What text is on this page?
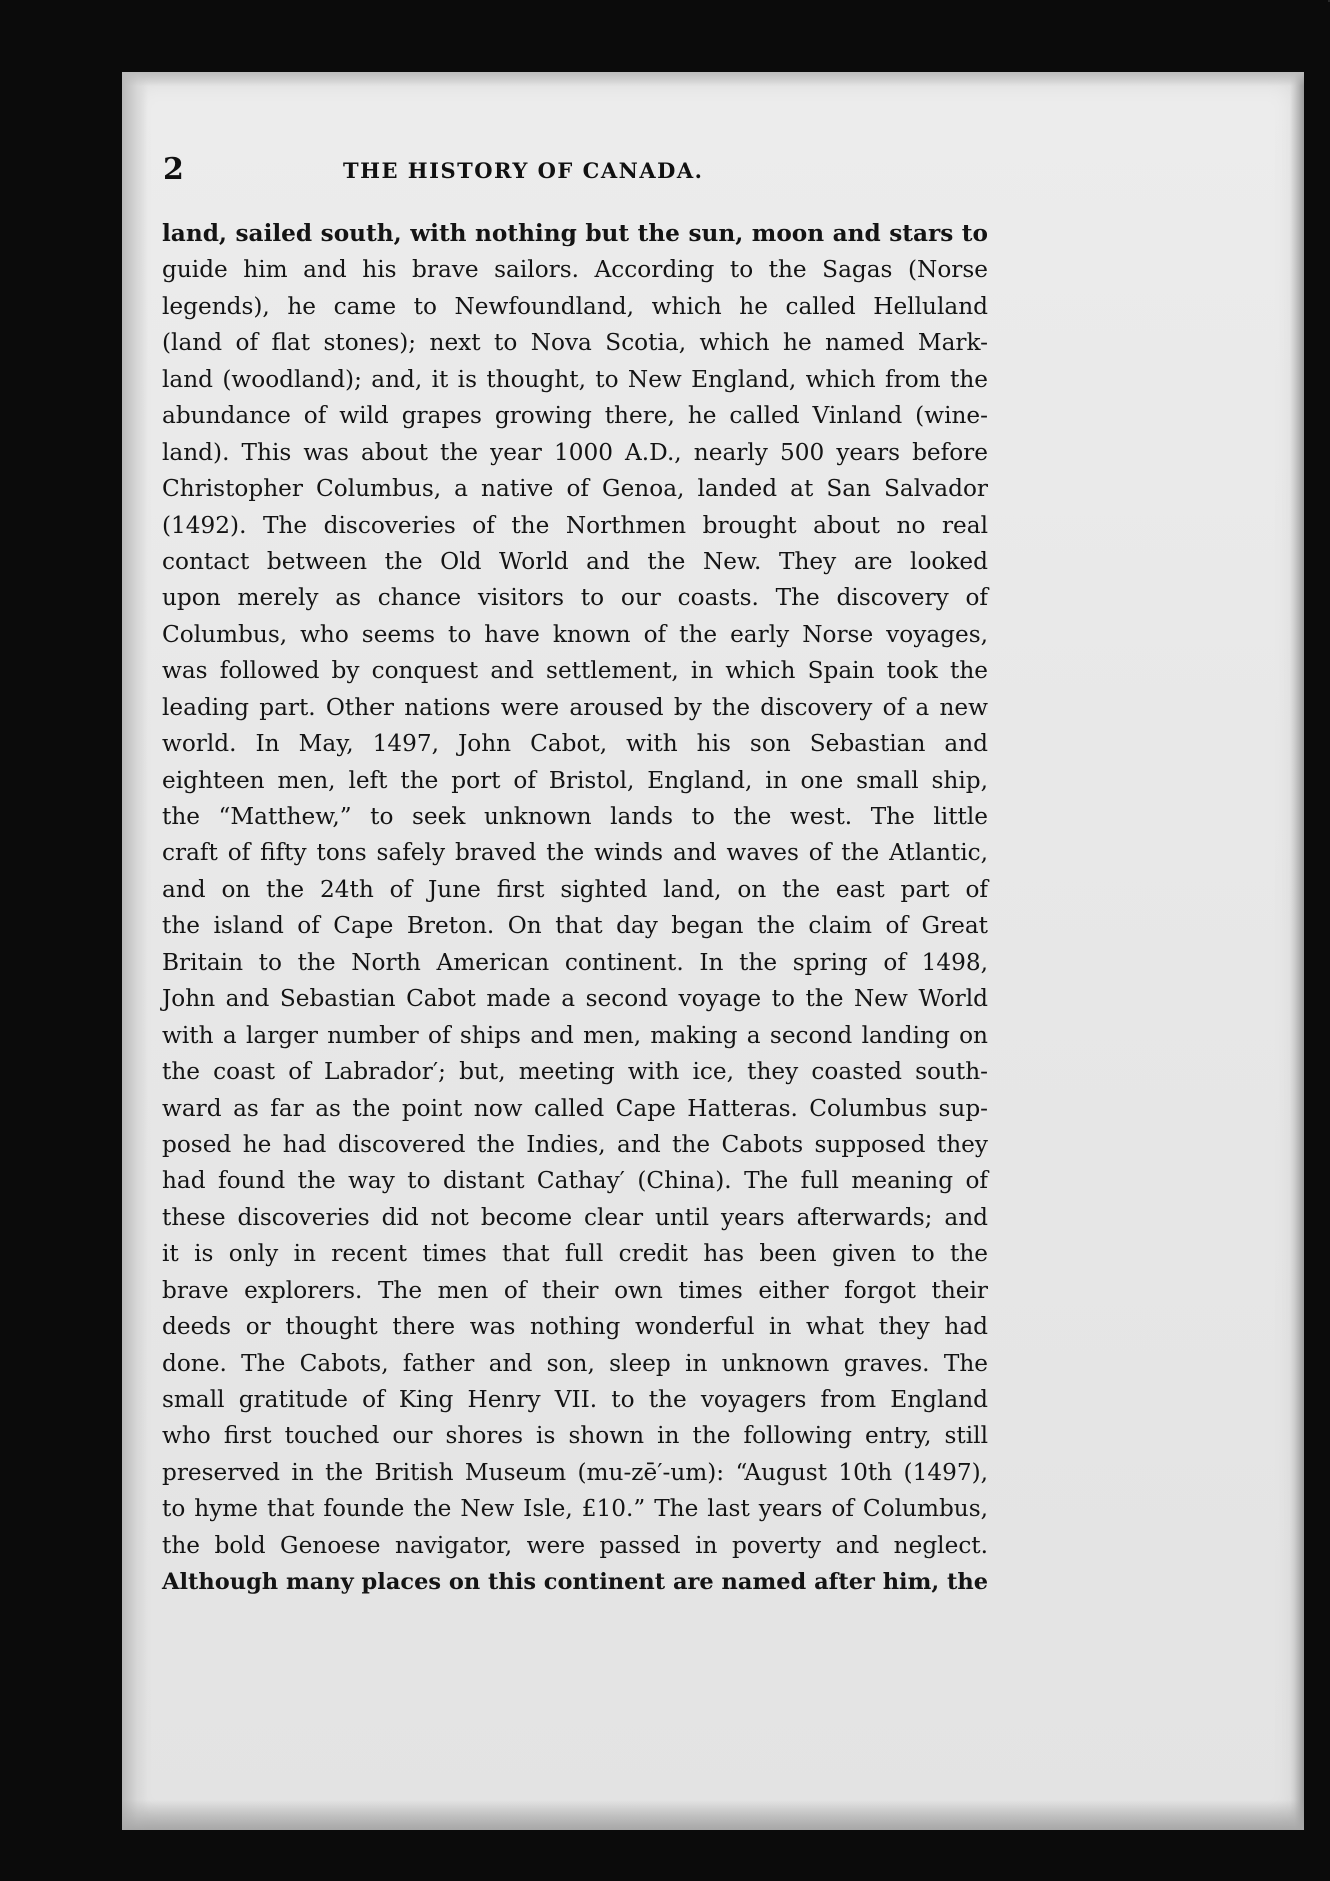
2	THE HISTORY OF CANADA.
land, sailed south, with nothing but the sun, moon and stars to
guide him and his brave sailors. According to the Sagas (Norse
legends), he came to Newfoundland, which he called Helluland
(land of flat stones); next to Nova Scotia, which he named Mark-
land (woodland); and, it is thought, to New England, which from the
abundance of wild grapes growing there, he called Vinland (wine-
land). This was about the year 1000 A.D., nearly 500 years before
Christopher Columbus, a native of Genoa, landed at San Salvador
(1492). The discoveries of the Northmen brought about no real
contact between the Old World and the New. They are looked
upon merely as chance visitors to our coasts. The discovery of
Columbus, who seems to have known of the early Norse voyages,
was followed by conquest and settlement, in which Spain took the
leading part. Other nations were aroused by the discovery of a new
world. In May, 1497, John Cabot, with his son Sebastian and
eighteen men, left the port of Bristol, England, in one small ship,
the “Matthew,” to seek unknown lands to the west. The little
craft of fifty tons safely braved the winds and waves of the Atlantic,
and on the 24th of June first sighted land, on the east part of
the island of Cape Breton. On that day began the claim of Great
Britain to the North American continent. In the spring of 1498,
John and Sebastian Cabot made a second voyage to the New World
with a larger number of ships and men, making a second landing on
the coast of Labrador′; but, meeting with ice, they coasted south-
ward as far as the point now called Cape Hatteras. Columbus sup-
posed he had discovered the Indies, and the Cabots supposed they
had found the way to distant Cathay′ (China). The full meaning of
these discoveries did not become clear until years afterwards; and
it is only in recent times that full credit has been given to the
brave explorers. The men of their own times either forgot their
deeds or thought there was nothing wonderful in what they had
done. The Cabots, father and son, sleep in unknown graves. The
small gratitude of King Henry VII. to the voyagers from England
who first touched our shores is shown in the following entry, still
preserved in the British Museum (mu-zē′-um): “August 10th (1497),
to hyme that founde the New Isle, £10.” The last years of Columbus,
the bold Genoese navigator, were passed in poverty and neglect.
Although many places on this continent are named after him, the
